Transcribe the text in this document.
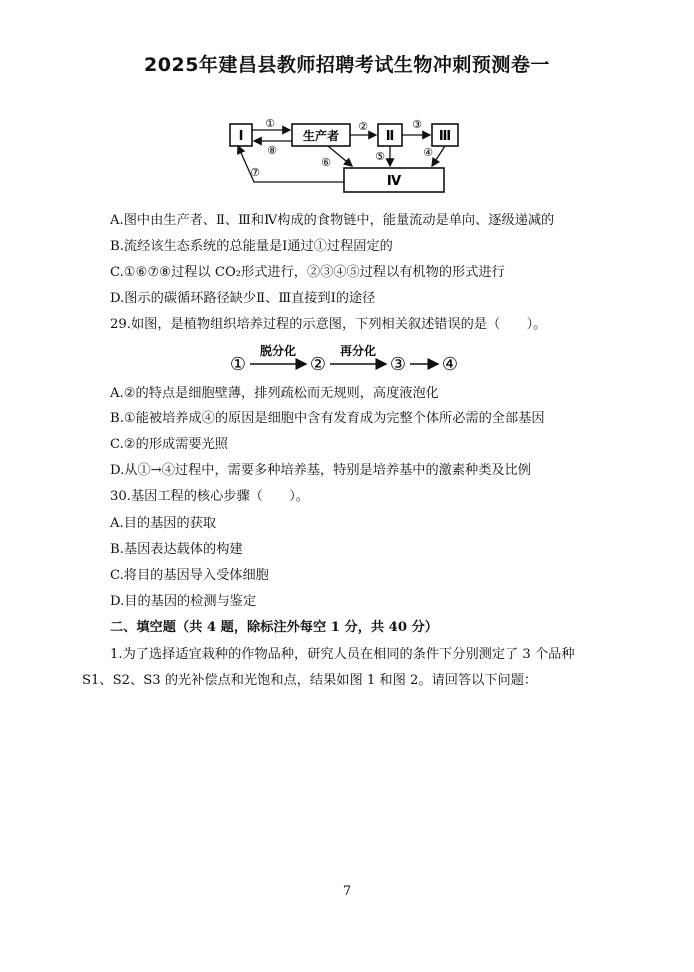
2025年建昌县教师招聘考试生物冲刺预测卷一
Ⅰ	生产者	Ⅱ	Ⅲ
Ⅳ
①
⑧
②	③
⑤	④
⑥
⑦
A.图中由生产者、Ⅱ、Ⅲ和Ⅳ构成的食物链中，能量流动是单向、逐级递减的
B.流经该生态系统的总能量是Ⅰ通过①过程固定的
C.①⑥⑦⑧过程以 CO₂形式进行，②③④⑤过程以有机物的形式进行
D.图示的碳循环路径缺少Ⅱ、Ⅲ直接到Ⅰ的途径
29.如图，是植物组织培养过程的示意图，下列相关叙述错误的是（　　）。
①	②	③ ④
脱分化	再分化
A.②的特点是细胞壁薄，排列疏松而无规则，高度液泡化
B.①能被培养成④的原因是细胞中含有发育成为完整个体所必需的全部基因
C.②的形成需要光照
D.从①→④过程中，需要多种培养基，特别是培养基中的激素种类及比例
30.基因工程的核心步骤（　　）。
A.目的基因的获取
B.基因表达载体的构建
C.将目的基因导入受体细胞
D.目的基因的检测与鉴定
二、填空题（共 4 题，除标注外每空 1 分，共 40 分）
1.为了选择适宜栽种的作物品种，研究人员在相同的条件下分别测定了 3 个品种
S1、S2、S3 的光补偿点和光饱和点，结果如图 1 和图 2。请回答以下问题：
7
